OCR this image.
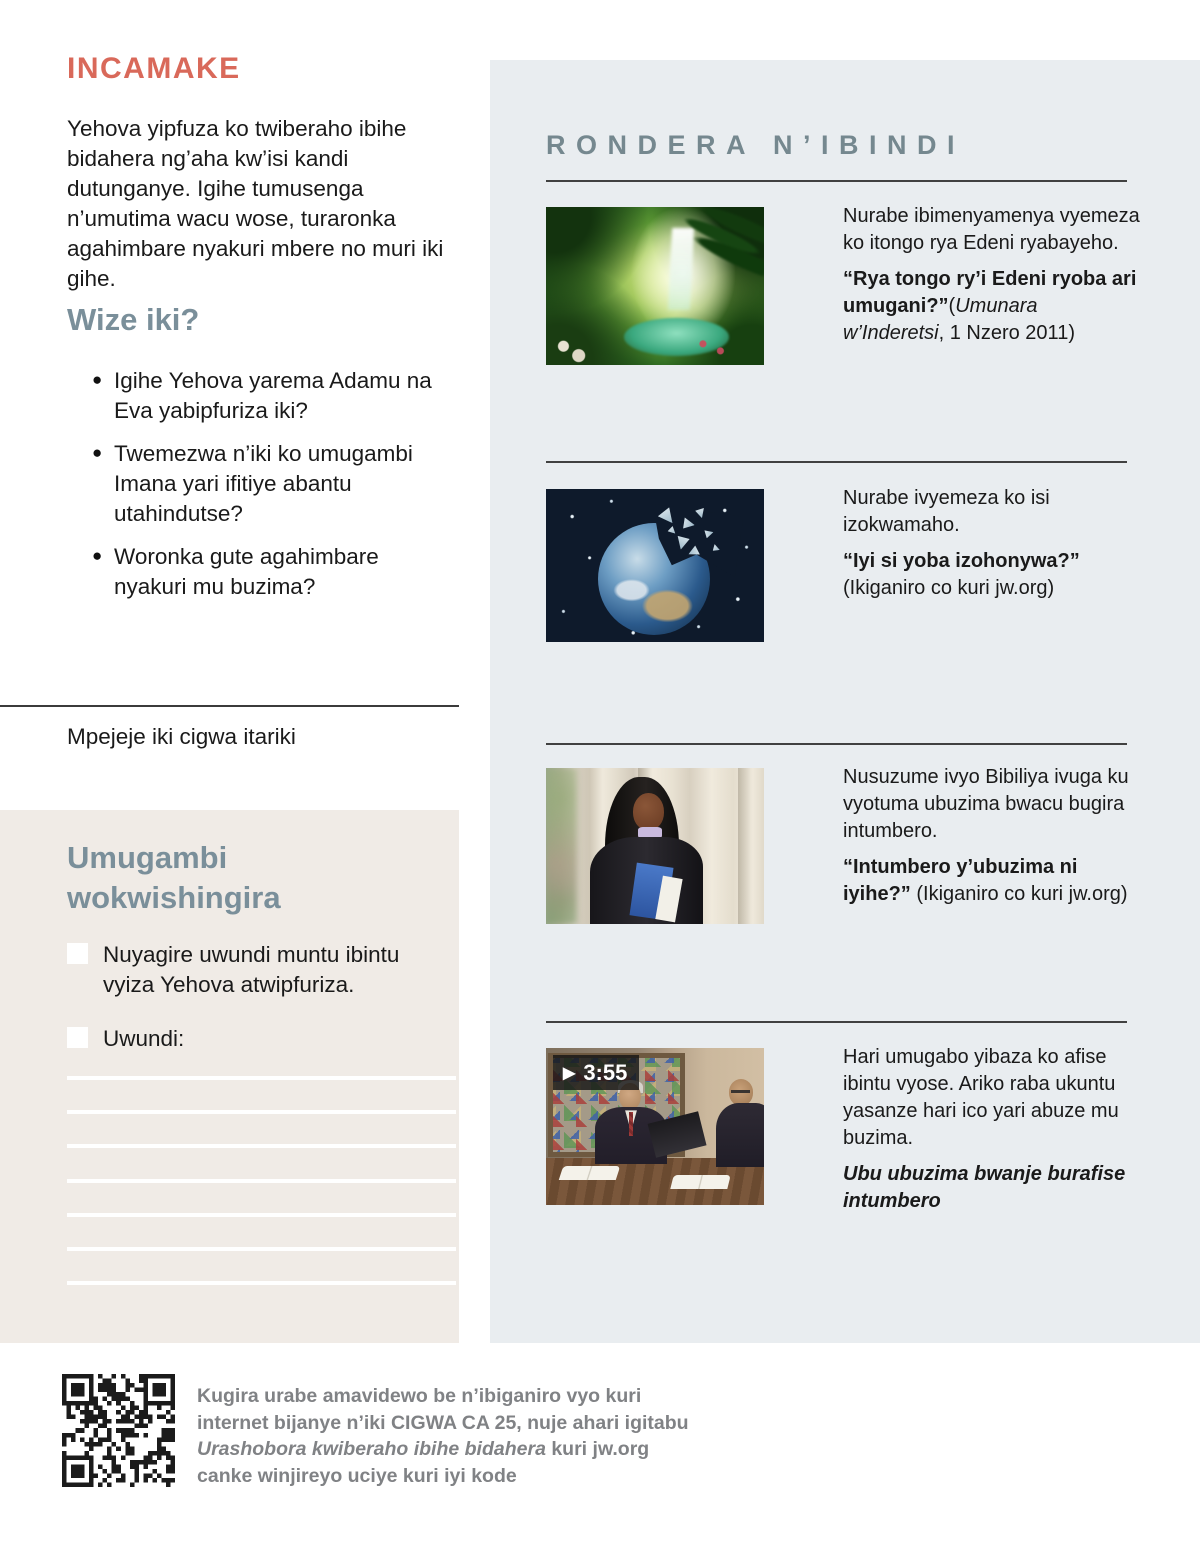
INCAMAKE

Yehova yipfuza ko twiberaho ibihe bidahera ng’aha kw’isi kandi dutunganye. Igihe tumusenga n’umutima wacu wose, turaronka agahimbare nyakuri mbere no muri iki gihe.

Wize iki?
● Igihe Yehova yarema Adamu na Eva yabipfuriza iki?
● Twemezwa n’iki ko umugambi Imana yari ifitiye abantu utahindutse?
● Woronka gute agahimbare nyakuri mu buzima?

Mpejeje iki cigwa itariki

Umugambi wokwishingira
Nuyagire uwundi muntu ibintu vyiza Yehova atwipfuriza.
Uwundi:
RONDERA N’IBINDI

Nurabe ibimenyamenya vyemeza ko itongo rya Edeni ryabayeho.

“Rya tongo ry’i Edeni ryoba ari umugani?”(Umunara w’Inderetsi, 1 Nzero 2011)

Nurabe ivyemeza ko isi izokwamaho.

“Iyi si yoba izohonywa?” (Ikiganiro co kuri jw.org)

Nusuzume ivyo Bibiliya ivuga ku vyotuma ubuzima bwacu bugira intumbero.

“Intumbero y’ubuzima ni iyihe?” (Ikiganiro co kuri jw.org)

▶ 3:55

Hari umugabo yibaza ko afise ibintu vyose. Ariko raba ukuntu yasanze hari ico yari abuze mu buzima.

Ubu ubuzima bwanje burafise intumbero

Kugira urabe amavidewo be n’ibiganiro vyo kuri internet bijanye n’iki CIGWA CA 25, nuje ahari igitabu Urashobora kwiberaho ibihe bidahera kuri jw.org canke winjireyo uciye kuri iyi kode
